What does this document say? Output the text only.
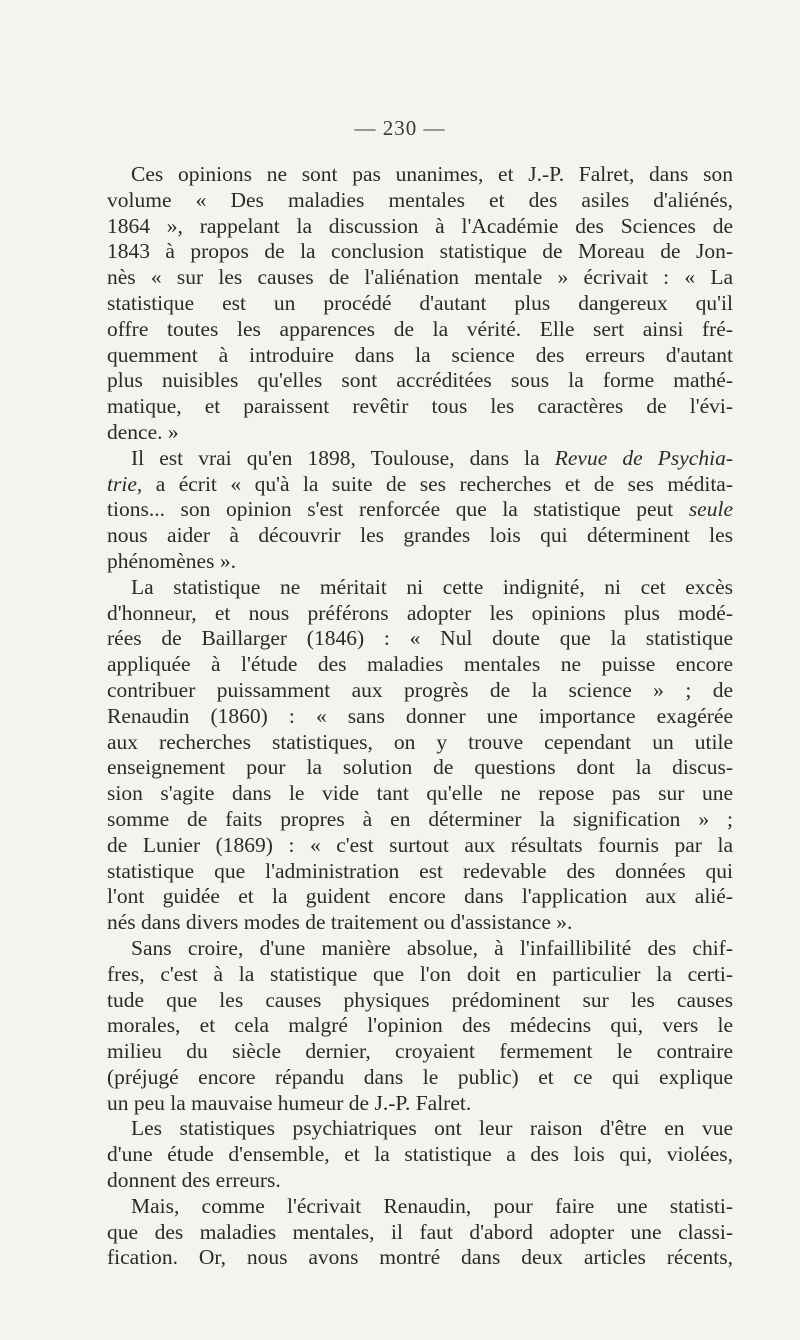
— 230 —
Ces opinions ne sont pas unanimes, et J.-P. Falret, dans son
volume « Des maladies mentales et des asiles d'aliénés,
1864 », rappelant la discussion à l'Académie des Sciences de
1843 à propos de la conclusion statistique de Moreau de Jon-
nès « sur les causes de l'aliénation mentale » écrivait : « La
statistique est un procédé d'autant plus dangereux qu'il
offre toutes les apparences de la vérité. Elle sert ainsi fré-
quemment à introduire dans la science des erreurs d'autant
plus nuisibles qu'elles sont accréditées sous la forme mathé-
matique, et paraissent revêtir tous les caractères de l'évi-
dence. »
Il est vrai qu'en 1898, Toulouse, dans la Revue de Psychia-
trie, a écrit « qu'à la suite de ses recherches et de ses médita-
tions... son opinion s'est renforcée que la statistique peut seule
nous aider à découvrir les grandes lois qui déterminent les
phénomènes ».
La statistique ne méritait ni cette indignité, ni cet excès
d'honneur, et nous préférons adopter les opinions plus modé-
rées de Baillarger (1846) : « Nul doute que la statistique
appliquée à l'étude des maladies mentales ne puisse encore
contribuer puissamment aux progrès de la science » ; de
Renaudin (1860) : « sans donner une importance exagérée
aux recherches statistiques, on y trouve cependant un utile
enseignement pour la solution de questions dont la discus-
sion s'agite dans le vide tant qu'elle ne repose pas sur une
somme de faits propres à en déterminer la signification » ;
de Lunier (1869) : « c'est surtout aux résultats fournis par la
statistique que l'administration est redevable des données qui
l'ont guidée et la guident encore dans l'application aux alié-
nés dans divers modes de traitement ou d'assistance ».
Sans croire, d'une manière absolue, à l'infaillibilité des chif-
fres, c'est à la statistique que l'on doit en particulier la certi-
tude que les causes physiques prédominent sur les causes
morales, et cela malgré l'opinion des médecins qui, vers le
milieu du siècle dernier, croyaient fermement le contraire
(préjugé encore répandu dans le public) et ce qui explique
un peu la mauvaise humeur de J.-P. Falret.
Les statistiques psychiatriques ont leur raison d'être en vue
d'une étude d'ensemble, et la statistique a des lois qui, violées,
donnent des erreurs.
Mais, comme l'écrivait Renaudin, pour faire une statisti-
que des maladies mentales, il faut d'abord adopter une classi-
fication. Or, nous avons montré dans deux articles récents,
